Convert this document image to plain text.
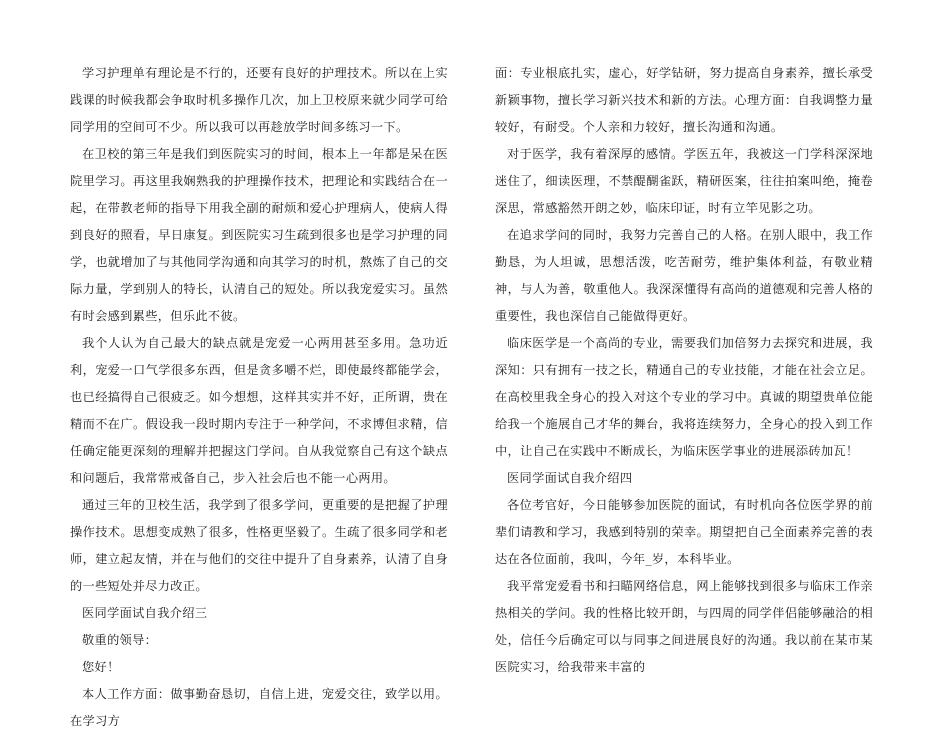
学习护理单有理论是不行的，还要有良好的护理技术。所以在上实践课的时候我都会争取时机多操作几次，加上卫校原来就少同学可给同学用的空间可不少。所以我可以再趁放学时间多练习一下。

在卫校的第三年是我们到医院实习的时间，根本上一年都是呆在医院里学习。再这里我娴熟我的护理操作技术，把理论和实践结合在一起，在带教老师的指导下用我全副的耐烦和爱心护理病人，使病人得到良好的照看，早日康复。到医院实习生疏到很多也是学习护理的同学，也就增加了与其他同学沟通和向其学习的时机，熬炼了自己的交际力量，学到别人的特长，认清自己的短处。所以我宠爱实习。虽然有时会感到累些，但乐此不彼。

我个人认为自己最大的缺点就是宠爱一心两用甚至多用。急功近利，宠爱一口气学很多东西，但是贪多嚼不烂，即使最终都能学会，也已经搞得自己很疲乏。如今想想，这样其实并不好，正所谓，贵在精而不在广。假设我一段时期内专注于一种学问，不求博但求精，信任确定能更深刻的理解并把握这门学问。自从我觉察自己有这个缺点和问题后，我常常戒备自己，步入社会后也不能一心两用。

通过三年的卫校生活，我学到了很多学问，更重要的是把握了护理操作技术。思想变成熟了很多，性格更坚毅了。生疏了很多同学和老师，建立起友情，并在与他们的交往中提升了自身素养，认清了自身的一些短处并尽力改正。

医同学面试自我介绍三

敬重的领导：

您好！

本人工作方面：做事勤奋恳切，自信上进，宠爱交往，致学以用。在学习方

面：专业根底扎实，虚心，好学钻研，努力提高自身素养，擅长承受新颖事物，擅长学习新兴技术和新的方法。心理方面：自我调整力量较好，有耐受。个人亲和力较好，擅长沟通和沟通。

对于医学，我有着深厚的感情。学医五年，我被这一门学科深深地迷住了，细读医理，不禁醍醐雀跃，精研医案，往往拍案叫绝，掩卷深思，常感豁然开朗之妙，临床印证，时有立竿见影之功。

在追求学问的同时，我努力完善自己的人格。在别人眼中，我工作勤恳，为人坦诚，思想活泼，吃苦耐劳，维护集体利益，有敬业精神，与人为善，敬重他人。我深深懂得有高尚的道德观和完善人格的重要性，我也深信自己能做得更好。

临床医学是一个高尚的专业，需要我们加倍努力去探究和进展，我深知：只有拥有一技之长，精通自己的专业技能，才能在社会立足。在高校里我全身心的投入对这个专业的学习中。真诚的期望贵单位能给我一个施展自己才华的舞台，我将连续努力，全身心的投入到工作中，让自己在实践中不断成长，为临床医学事业的进展添砖加瓦！

医同学面试自我介绍四

各位考官好，今日能够参加医院的面试，有时机向各位医学界的前辈们请教和学习，我感到特别的荣幸。期望把自己全面素养完善的表达在各位面前，我叫，今年_岁，本科毕业。

我平常宠爱看书和扫瞄网络信息，网上能够找到很多与临床工作亲热相关的学问。我的性格比较开朗，与四周的同学伴侣能够融洽的相处，信任今后确定可以与同事之间进展良好的沟通。我以前在某市某医院实习，给我带来丰富的
